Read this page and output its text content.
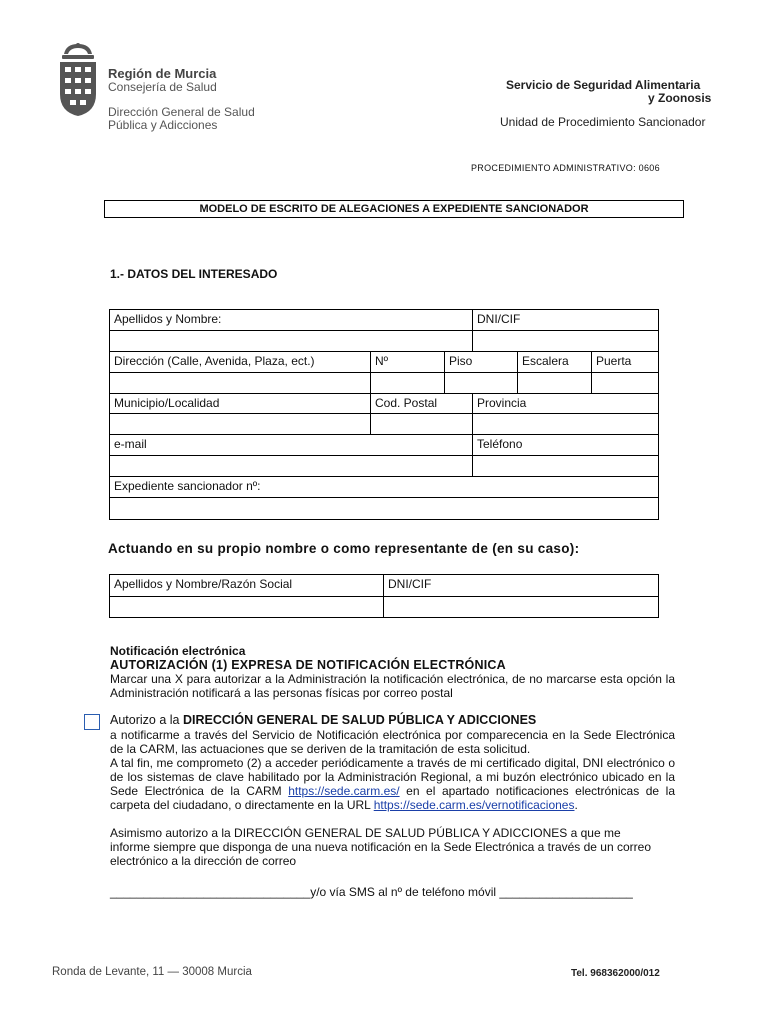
Región de Murcia
Consejería de Salud
Dirección General de Salud
Pública y Adicciones
Servicio de Seguridad Alimentaria
y Zoonosis
Unidad de Procedimiento Sancionador
PROCEDIMIENTO ADMINISTRATIVO: 0606
MODELO DE ESCRITO DE ALEGACIONES A EXPEDIENTE SANCIONADOR
1.- DATOS DEL INTERESADO
Apellidos y Nombre:	DNI/CIF
Dirección (Calle, Avenida, Plaza, ect.)	Nº	Piso	Escalera	Puerta
Municipio/Localidad	Cod. Postal	Provincia
e-mail	Teléfono
Expediente sancionador nº:
Actuando en su propio nombre o como representante de (en su caso):
Apellidos y Nombre/Razón Social	DNI/CIF
Notificación electrónica
AUTORIZACIÓN (1) EXPRESA DE NOTIFICACIÓN ELECTRÓNICA
Marcar una X para autorizar a la Administración la notificación electrónica, de no marcarse esta opción la Administración notificará a las personas físicas por correo postal
Autorizo a la DIRECCIÓN GENERAL DE SALUD PÚBLICA Y ADICCIONES
a notificarme a través del Servicio de Notificación electrónica por comparecencia en la Sede Electrónica de la CARM, las actuaciones que se deriven de la tramitación de esta solicitud.
A tal fin, me comprometo (2) a acceder periódicamente a través de mi certificado digital, DNI electrónico o de los sistemas de clave habilitado por la Administración Regional, a mi buzón electrónico ubicado en la Sede Electrónica de la CARM https://sede.carm.es/ en el apartado notificaciones electrónicas de la carpeta del ciudadano, o directamente en la URL https://sede.carm.es/vernotificaciones.
Asimismo autorizo a la DIRECCIÓN GENERAL DE SALUD PÚBLICA Y ADICCIONES a que me informe siempre que disponga de una nueva notificación en la Sede Electrónica a través de un correo electrónico a la dirección de correo
______________________________y/o vía SMS al nº de teléfono móvil ____________________
Ronda de Levante, 11 — 30008 Murcia	Tel. 968362000/012
